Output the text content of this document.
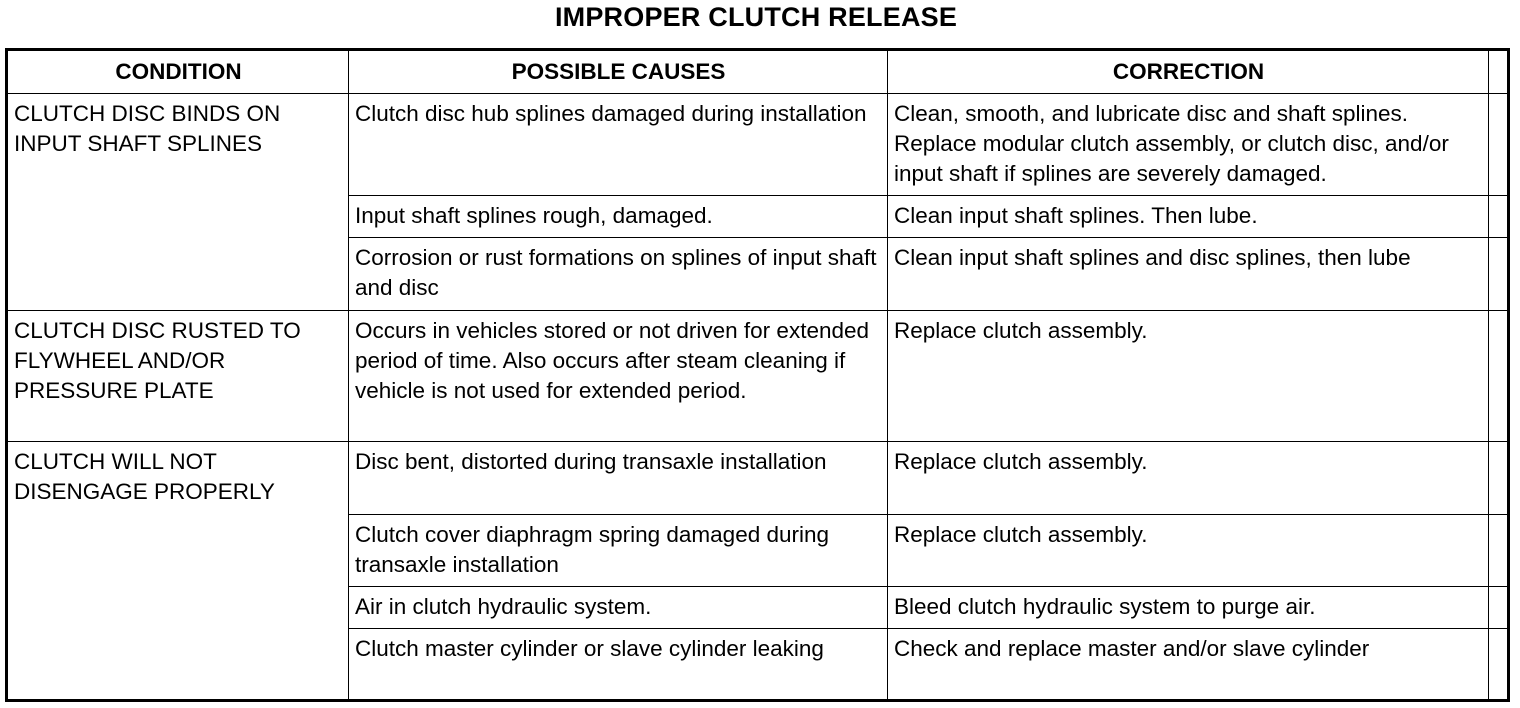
IMPROPER CLUTCH RELEASE
CONDITION	POSSIBLE CAUSES	CORRECTION	
CLUTCH DISC BINDS ON INPUT SHAFT SPLINES	Clutch disc hub splines damaged during installation	Clean, smooth, and lubricate disc and shaft splines. Replace modular clutch assembly, or clutch disc, and/or input shaft if splines are severely damaged.	
	Input shaft splines rough, damaged.	Clean input shaft splines. Then lube.	
	Corrosion or rust formations on splines of input shaft and disc	Clean input shaft splines and disc splines, then lube	
CLUTCH DISC RUSTED TO FLYWHEEL AND/OR PRESSURE PLATE	Occurs in vehicles stored or not driven for extended period of time. Also occurs after steam cleaning if vehicle is not used for extended period.	Replace clutch assembly.	
CLUTCH WILL NOT DISENGAGE PROPERLY	Disc bent, distorted during transaxle installation	Replace clutch assembly.	
	Clutch cover diaphragm spring damaged during transaxle installation	Replace clutch assembly.	
	Air in clutch hydraulic system.	Bleed clutch hydraulic system to purge air.	
	Clutch master cylinder or slave cylinder leaking	Check and replace master and/or slave cylinder	
